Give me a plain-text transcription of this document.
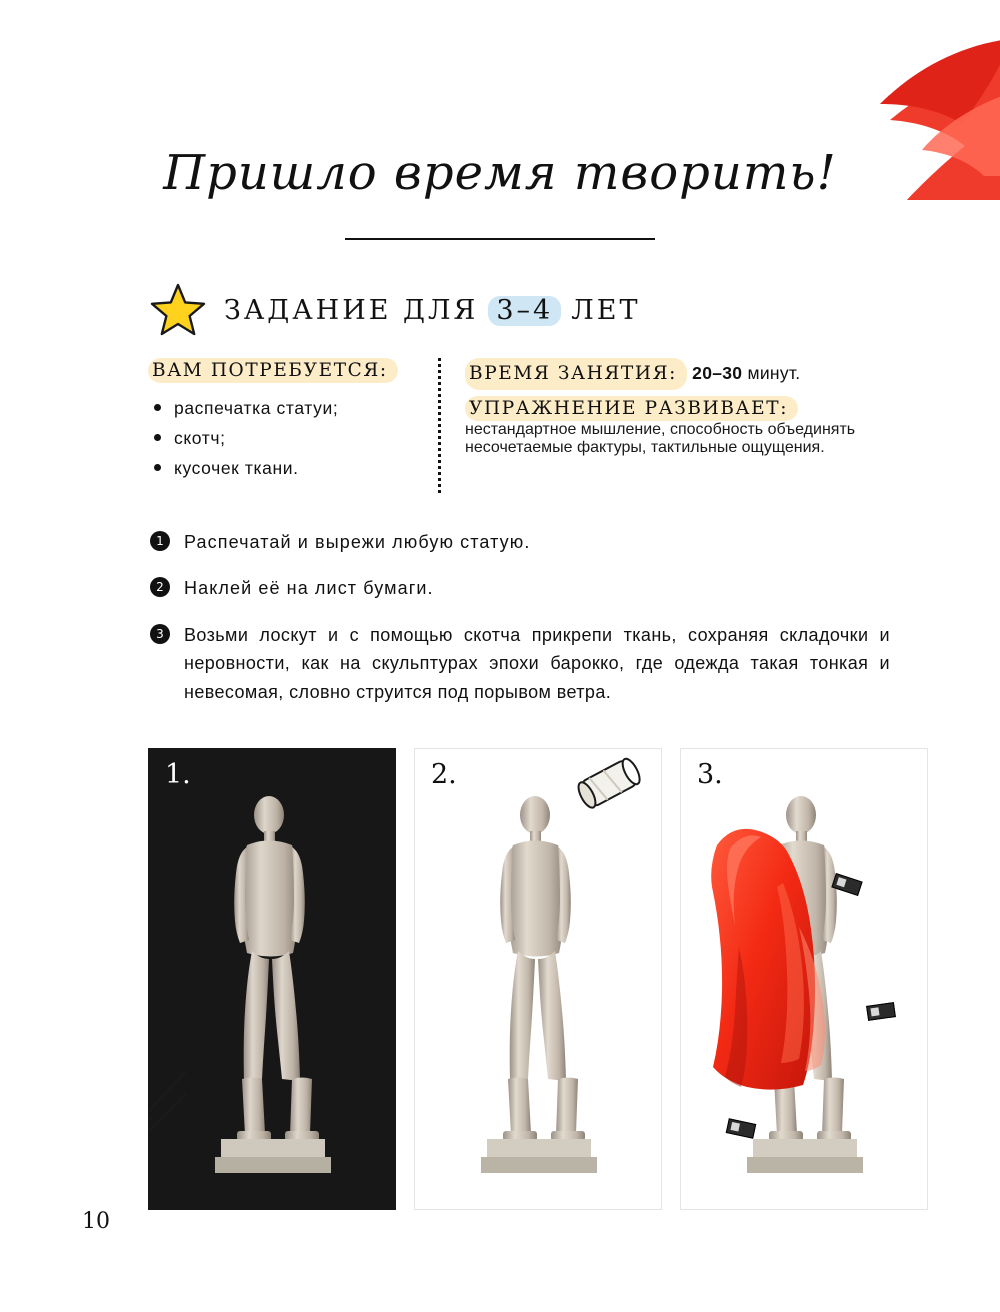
Пришло время творить!
ЗАДАНИЕ ДЛЯ 3–4 ЛЕТ
ВАМ ПОТРЕБУЕТСЯ:
распечатка статуи;
скотч;
кусочек ткани.
ВРЕМЯ ЗАНЯТИЯ: 20–30 минут.
УПРАЖНЕНИЕ РАЗВИВАЕТ: нестандартное мышление, способность объединять несочетаемые фактуры, тактильные ощущения.
1	Распечатай и вырежи любую статую.
2	Наклей её на лист бумаги.
3	Возьми лоскут и с помощью скотча прикрепи ткань, сохраняя складочки и неровности, как на скульптурах эпохи барокко, где одежда такая тонкая и невесомая, словно струится под порывом ветра.
1.	2.	3.
10
